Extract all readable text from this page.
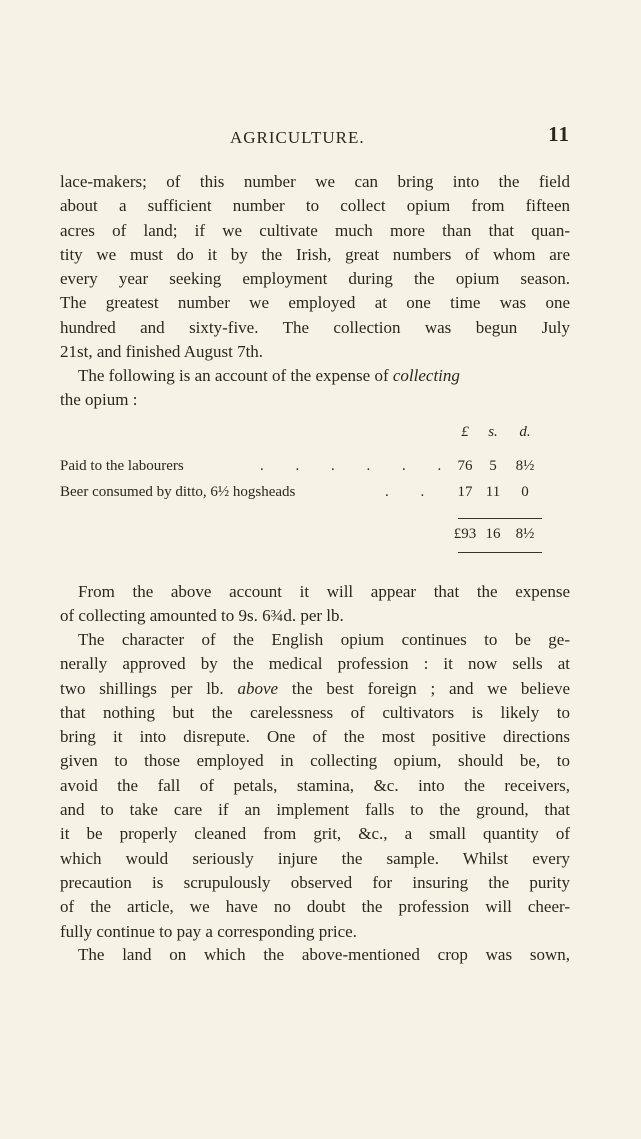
AGRICULTURE.	11
lace-makers; of this number we can bring into the field
about a sufficient number to collect opium from fifteen
acres of land; if we cultivate much more than that quan-
tity we must do it by the Irish, great numbers of whom are
every year seeking employment during the opium season.
The greatest number we employed at one time was one
hundred and sixty-five. The collection was begun July
21st, and finished August 7th.
The following is an account of the expense of collecting
the opium :
£	s.	d.
Paid to the labourers	. . . . . . 76	5	8½
Beer consumed by ditto, 6½ hogsheads	. . 17 11	0
£93 16	8½
From the above account it will appear that the expense
of collecting amounted to 9s. 6¾d. per lb.
The character of the English opium continues to be ge-
nerally approved by the medical profession : it now sells at
two shillings per lb. above the best foreign ; and we believe
that nothing but the carelessness of cultivators is likely to
bring it into disrepute. One of the most positive directions
given to those employed in collecting opium, should be, to
avoid the fall of petals, stamina, &c. into the receivers,
and to take care if an implement falls to the ground, that
it be properly cleaned from grit, &c., a small quantity of
which would seriously injure the sample. Whilst every
precaution is scrupulously observed for insuring the purity
of the article, we have no doubt the profession will cheer-
fully continue to pay a corresponding price.
The land on which the above-mentioned crop was sown,
